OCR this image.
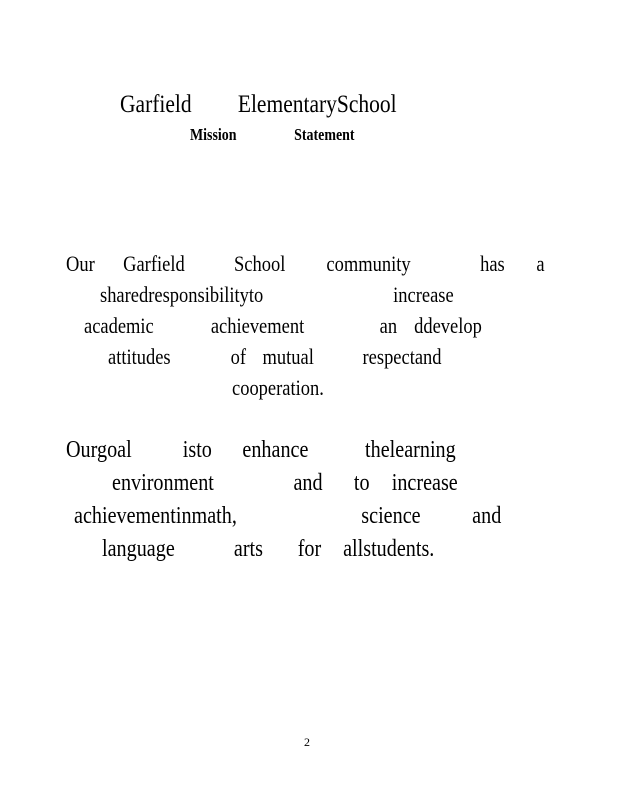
Garfield ElementarySchool
Mission	Statement
Our Garfield School community	has a
sharedresponsibilityto	increase
academic	achievement	an ddevelop
attitudes	of mutual respectand
cooperation.
Ourgoal isto enhance thelearning
environment	and to increase
achievementinmath,	science and
language arts for allstudents.
2
